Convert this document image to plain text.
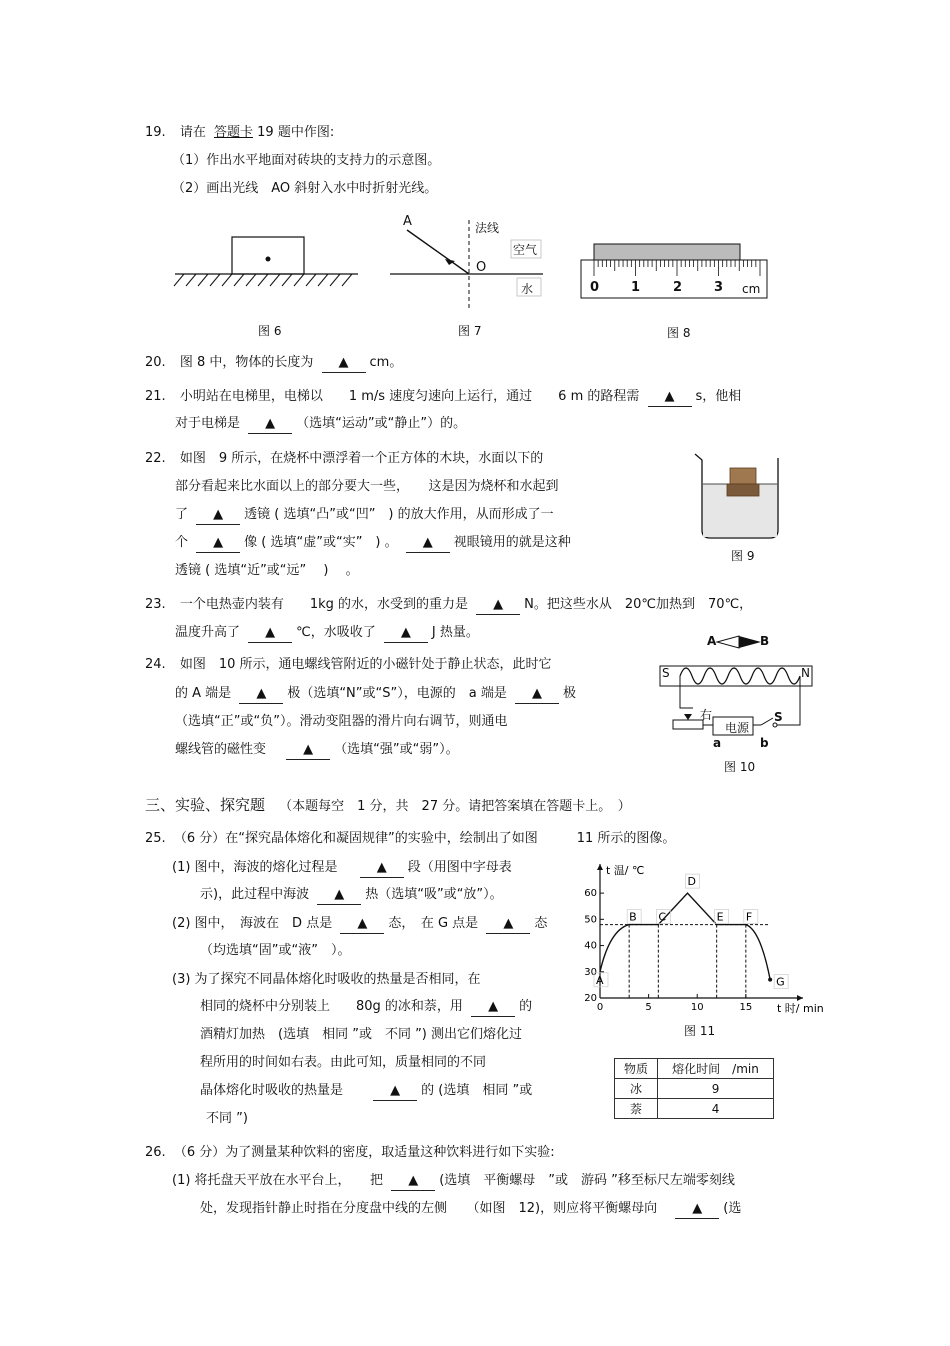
19. 请在 答题卡 19 题中作图:
（1）作出水平地面对砖块的支持力的示意图。
（2）画出光线　AO 斜射入水中时折射光线。
图 6
A
O
法线
空气
水
图 7
0 1	2 3 cm
图 8
20. 图 8 中，物体的长度为 ▲ cm。
21. 小明站在电梯里，电梯以　　1 m/s 速度匀速向上运行，通过　　6 m 的路程需 ▲ s，他相
对于电梯是 ▲ （选填“运动”或“静止”）的。
22. 如图　9 所示，在烧杯中漂浮着一个正方体的木块，水面以下的
部分看起来比水面以上的部分要大一些，　　这是因为烧杯和水起到
了 ▲ 透镜 ( 选填“凸”或“凹”　) 的放大作用，从而形成了一
个 ▲ 像 ( 选填“虚”或“实”　) 。 ▲ 视眼镜用的就是这种
透镜 ( 选填“近”或“远”　 ) 　。
图 9
23. 一个电热壶内装有　　1kg 的水，水受到的重力是 ▲ N。把这些水从　20℃加热到　70℃，
温度升高了 ▲ ℃，水吸收了 ▲ J 热量。
A	B
S	N
右
电源
a	b
S
图 10
24. 如图　10 所示，通电螺线管附近的小磁针处于静止状态，此时它
的 A 端是 ▲ 极（选填“N”或“S”），电源的　a 端是 ▲ 极
（选填“正”或“负”）。滑动变阻器的滑片向右调节，则通电
螺线管的磁性变	▲ （选填“强”或“弱”）。
三、实验、探究题 （本题每空　1 分，共　27 分。请把答案填在答题卡上。　）
25. （6 分）在“探究晶体熔化和凝固规律”的实验中，绘制出了如图　　　11 所示的图像。
(1) 图中，海波的熔化过程是	▲ 段（用图中字母表
示)，此过程中海波 ▲ 热（选填“吸”或“放”）。
(2) 图中，　海波在　D 点是 ▲ 态，　在 G 点是 ▲ 态
（均选填“固”或“液”　）。
(3) 为了探究不同晶体熔化时吸收的热量是否相同，在
相同的烧杯中分别装上　　80g 的冰和萘，用 ▲ 的
酒精灯加热　(选填　相同 ”或　不同 ”) 测出它们熔化过
程所用的时间如右表。由此可知，质量相同的不同
晶体熔化时吸收的热量是	▲ 的 (选填　相同 ”或
不同 ”)
20
30
40
50
60
0	5	10	15
t 温/ ℃
t 时/ min
A
B C
D
E F
G
图 11
物质	熔化时间　/min
冰	9
萘	4
26. （6 分）为了测量某种饮料的密度，取适量这种饮料进行如下实验:
(1) 将托盘天平放在水平台上，　　把 ▲ (选填　平衡螺母　”或　游码 ”移至标尺左端零刻线
处，发现指针静止时指在分度盘中线的左侧　　（如图　12)，则应将平衡螺母向	▲ (选
